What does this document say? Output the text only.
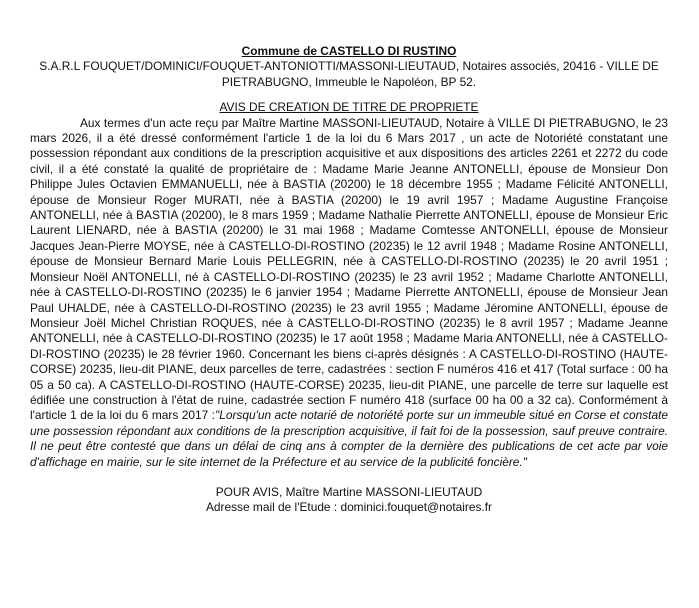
Commune de CASTELLO DI RUSTINO
S.A.R.L FOUQUET/DOMINICI/FOUQUET-ANTONIOTTI/MASSONI-LIEUTAUD, Notaires associés, 20416 - VILLE DE PIETRABUGNO, Immeuble le Napoléon, BP 52.
AVIS DE CREATION DE TITRE DE PROPRIETE

Aux termes d'un acte reçu par Maître Martine MASSONI-LIEUTAUD, Notaire à VILLE DI PIETRABUGNO, le 23 mars 2026, il a été dressé conformément l'article 1 de la loi du 6 Mars 2017 , un acte de Notoriété constatant une possession répondant aux conditions de la prescription acquisitive et aux dispositions des articles 2261 et 2272 du code civil, il a été constaté la qualité de propriétaire de : Madame Marie Jeanne ANTONELLI, épouse de Monsieur Don Philippe Jules Octavien EMMANUELLI, née à BASTIA (20200) le 18 décembre 1955 ; Madame Félicité ANTONELLI, épouse de Monsieur Roger MURATI, née à BASTIA (20200) le 19 avril 1957 ; Madame Augustine Françoise ANTONELLI, née à BASTIA (20200), le 8 mars 1959 ; Madame Nathalie Pierrette ANTONELLI, épouse de Monsieur Eric Laurent LIENARD, née à BASTIA (20200) le 31 mai 1968 ; Madame Comtesse ANTONELLI, épouse de Monsieur Jacques Jean-Pierre MOYSE, née à CASTELLO-DI-ROSTINO (20235) le 12 avril 1948 ; Madame Rosine ANTONELLI, épouse de Monsieur Bernard Marie Louis PELLEGRIN, née à CASTELLO-DI-ROSTINO (20235) le 20 avril 1951 ; Monsieur Noël ANTONELLI, né à CASTELLO-DI-ROSTINO (20235) le 23 avril 1952 ; Madame Charlotte ANTONELLI, née à CASTELLO-DI-ROSTINO (20235) le 6 janvier 1954 ; Madame Pierrette ANTONELLI, épouse de Monsieur Jean Paul UHALDE, née à CASTELLO-DI-ROSTINO (20235) le 23 avril 1955 ; Madame Jéromine ANTONELLI, épouse de Monsieur Joël Michel Christian ROQUES, née à CASTELLO-DI-ROSTINO (20235) le 8 avril 1957 ; Madame Jeanne ANTONELLI, née à CASTELLO-DI-ROSTINO (20235) le 17 août 1958 ; Madame Maria ANTONELLI, née à CASTELLO-DI-ROSTINO (20235) le 28 février 1960. Concernant les biens ci-après désignés : A CASTELLO-DI-ROSTINO (HAUTE-CORSE) 20235, lieu-dit PIANE, deux parcelles de terre, cadastrées : section F numéros 416 et 417 (Total surface : 00 ha 05 a 50 ca). A CASTELLO-DI-ROSTINO (HAUTE-CORSE) 20235, lieu-dit PIANE, une parcelle de terre sur laquelle est édifiée une construction à l'état de ruine, cadastrée section F numéro 418 (surface 00 ha 00 a 32 ca). Conformément à l'article 1 de la loi du 6 mars 2017 :"Lorsqu'un acte notarié de notoriété porte sur un immeuble situé en Corse et constate une possession répondant aux conditions de la prescription acquisitive, il fait foi de la possession, sauf preuve contraire. Il ne peut être contesté que dans un délai de cinq ans à compter de la dernière des publications de cet acte par voie d'affichage en mairie, sur le site internet de la Préfecture et au service de la publicité foncière."

POUR AVIS, Maître Martine MASSONI-LIEUTAUD
Adresse mail de l'Etude : dominici.fouquet@notaires.fr
